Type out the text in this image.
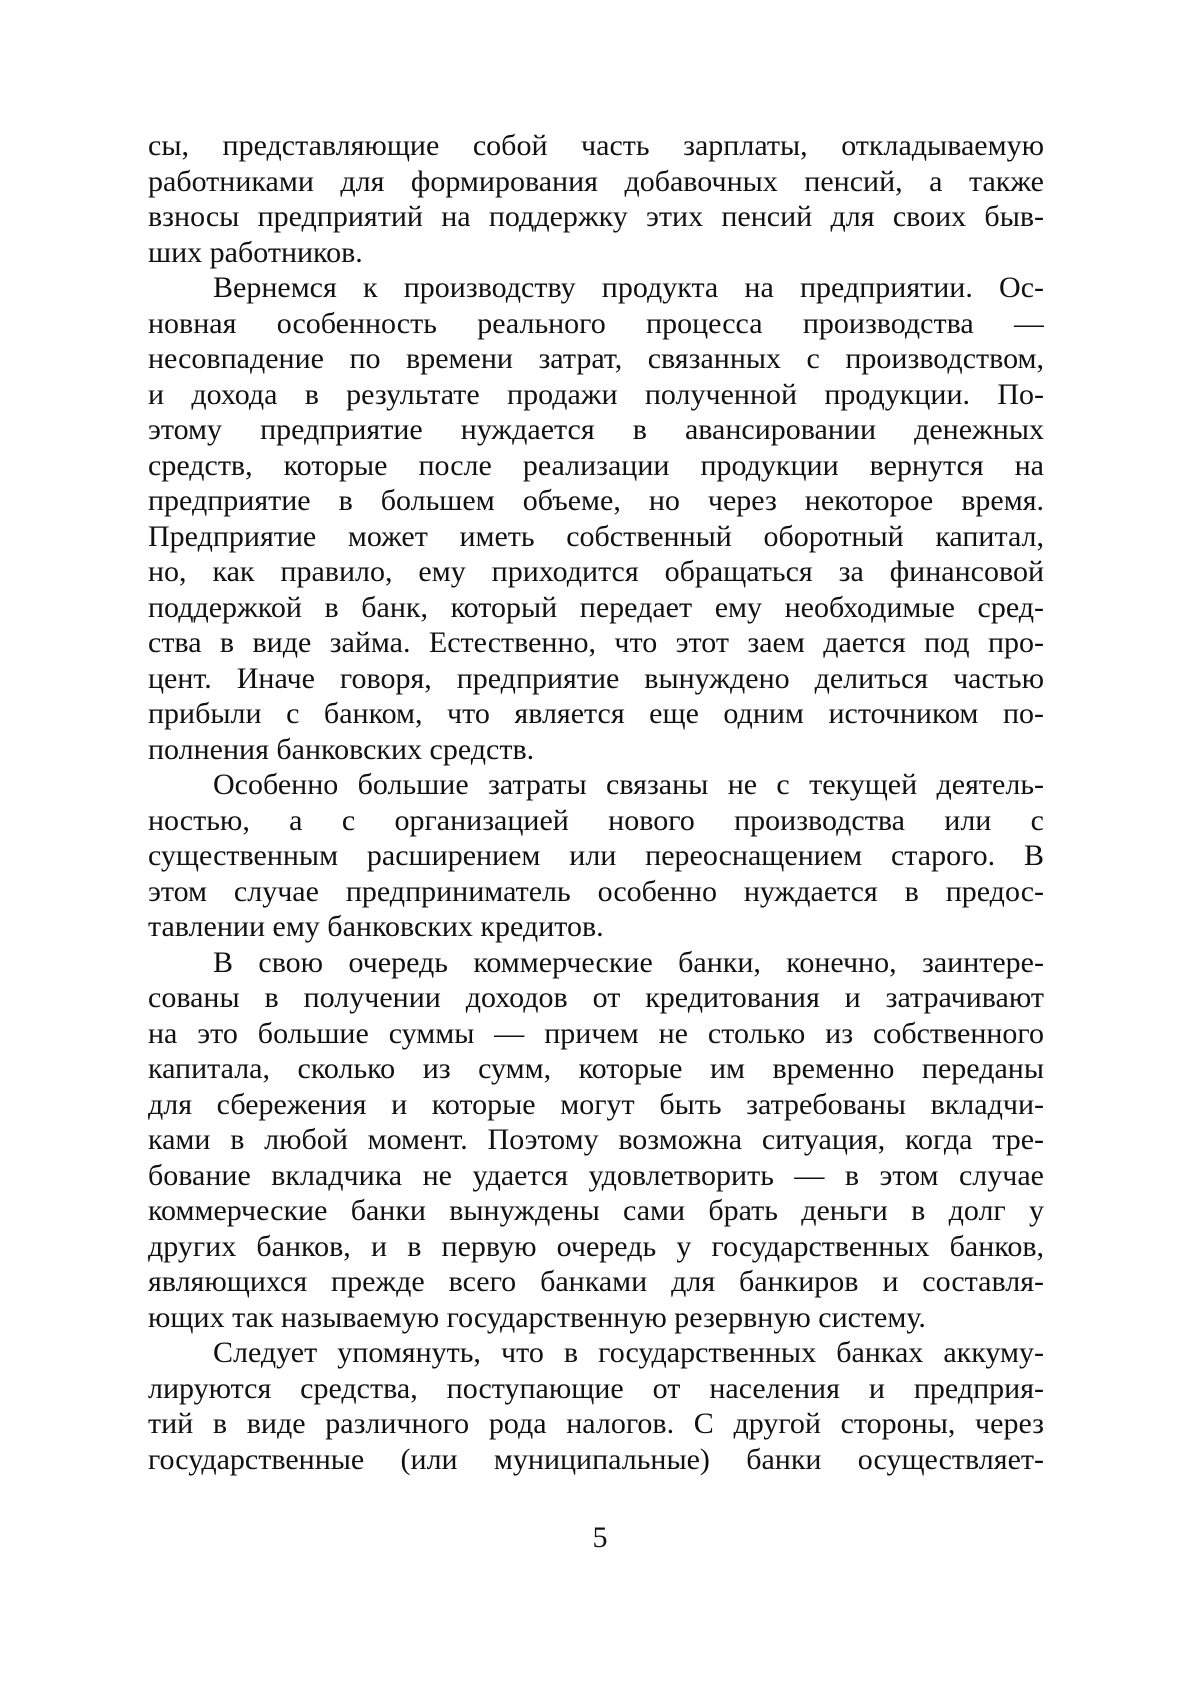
сы, представляющие собой часть зарплаты, откладываемую
работниками для формирования добавочных пенсий, а также
взносы предприятий на поддержку этих пенсий для своих быв-
ших работников.
Вернемся к производству продукта на предприятии. Ос-
новная особенность реального процесса производства —
несовпадение по времени затрат, связанных с производством,
и дохода в результате продажи полученной продукции. По-
этому предприятие нуждается в авансировании денежных
средств, которые после реализации продукции вернутся на
предприятие в большем объеме, но через некоторое время.
Предприятие может иметь собственный оборотный капитал,
но, как правило, ему приходится обращаться за финансовой
поддержкой в банк, который передает ему необходимые сред-
ства в виде займа. Естественно, что этот заем дается под про-
цент. Иначе говоря, предприятие вынуждено делиться частью
прибыли с банком, что является еще одним источником по-
полнения банковских средств.
Особенно большие затраты связаны не с текущей деятель-
ностью, а с организацией нового производства или с
существенным расширением или переоснащением старого. В
этом случае предприниматель особенно нуждается в предос-
тавлении ему банковских кредитов.
В свою очередь коммерческие банки, конечно, заинтере-
сованы в получении доходов от кредитования и затрачивают
на это большие суммы — причем не столько из собственного
капитала, сколько из сумм, которые им временно переданы
для сбережения и которые могут быть затребованы вкладчи-
ками в любой момент. Поэтому возможна ситуация, когда тре-
бование вкладчика не удается удовлетворить — в этом случае
коммерческие банки вынуждены сами брать деньги в долг у
других банков, и в первую очередь у государственных банков,
являющихся прежде всего банками для банкиров и составля-
ющих так называемую государственную резервную систему.
Следует упомянуть, что в государственных банках аккуму-
лируются средства, поступающие от населения и предприя-
тий в виде различного рода налогов. С другой стороны, через
государственные (или муниципальные) банки осуществляет-
5
